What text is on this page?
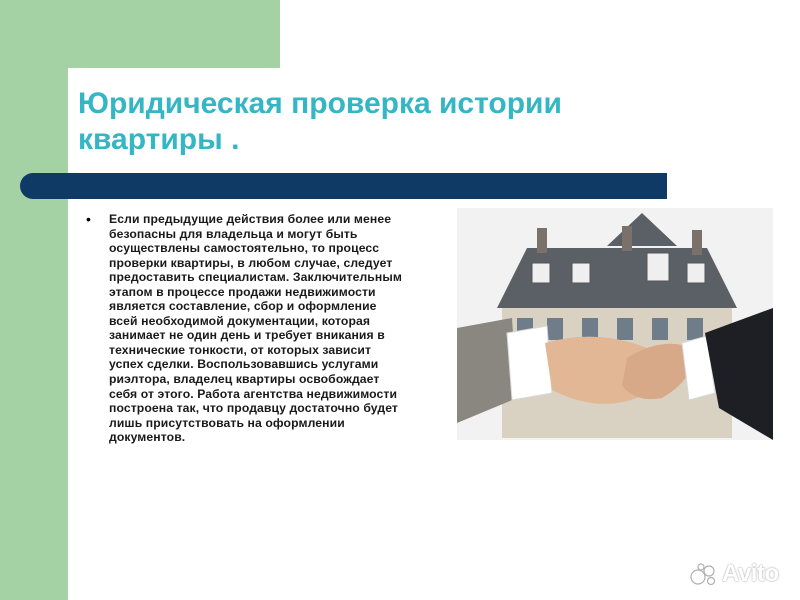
Юридическая проверка истории
квартиры .
• Если предыдущие действия более или менее безопасны для владельца и могут быть осуществлены самостоятельно, то процесс проверки квартиры, в любом случае, следует предоставить специалистам. Заключительным этапом в процессе продажи недвижимости является составление, сбор и оформление всей необходимой документации, которая занимает не один день и требует вникания в технические тонкости, от которых зависит успех сделки. Воспользовавшись услугами риэлтора, владелец квартиры освобождает себя от этого. Работа агентства недвижимости построена так, что продавцу достаточно будет лишь присутствовать на оформлении документов.
Avito
